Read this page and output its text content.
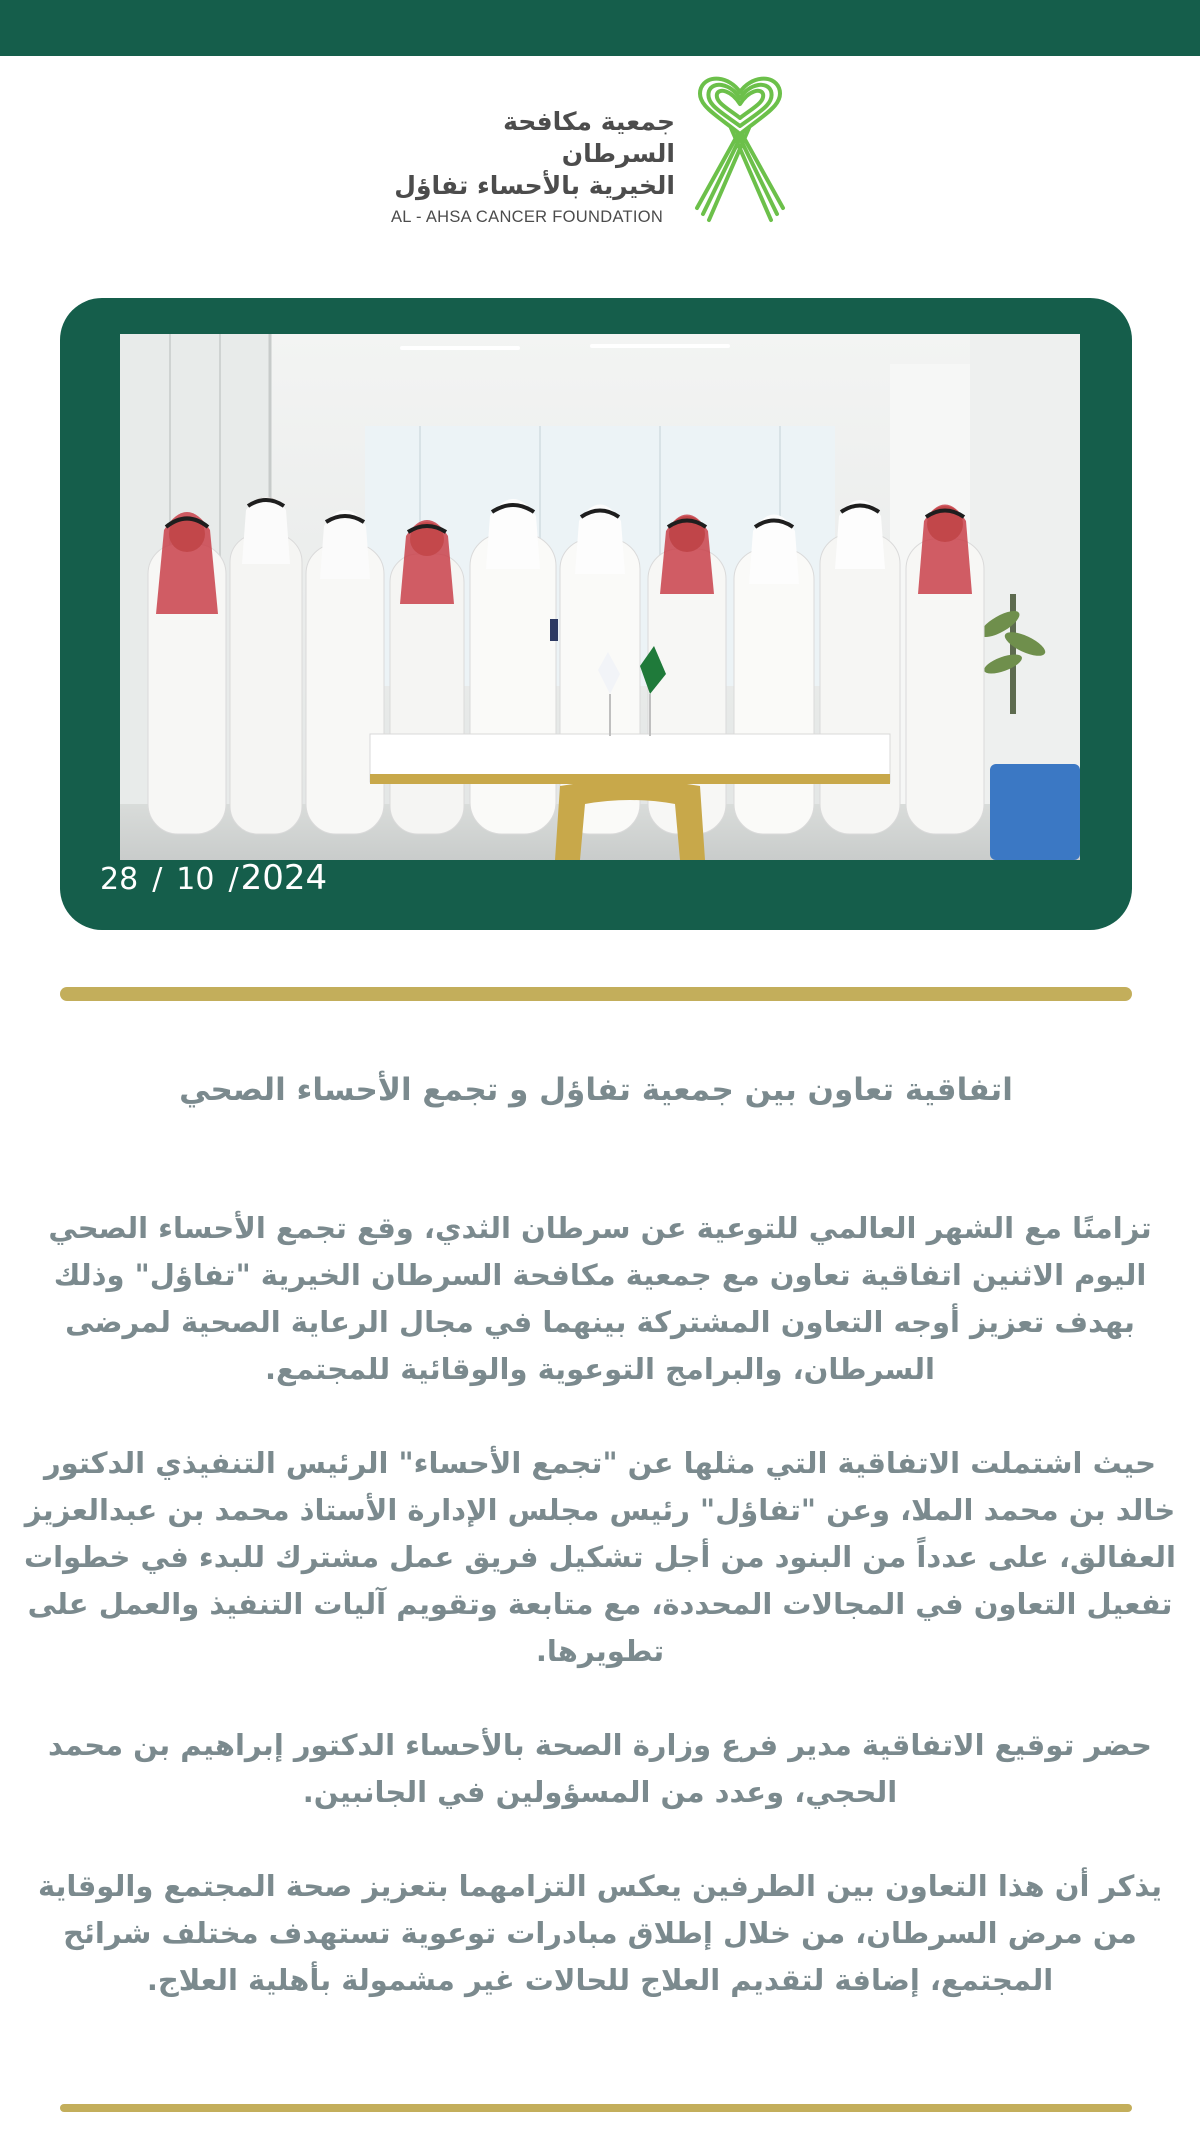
جمعية مكافحة السرطان
الخيرية بالأحساء تفاؤل
AL - AHSA CANCER FOUNDATION
28 / 10 /2024
اتفاقية تعاون بين جمعية تفاؤل و تجمع الأحساء الصحي

تزامنًا مع الشهر العالمي للتوعية عن سرطان الثدي، وقع تجمع الأحساء الصحي اليوم الاثنين اتفاقية تعاون مع جمعية مكافحة السرطان الخيرية "تفاؤل" وذلك بهدف تعزيز أوجه التعاون المشتركة بينهما في مجال الرعاية الصحية لمرضى السرطان، والبرامج التوعوية والوقائية للمجتمع.

حيث اشتملت الاتفاقية التي مثلها عن "تجمع الأحساء" الرئيس التنفيذي الدكتور خالد بن محمد الملا، وعن "تفاؤل" رئيس مجلس الإدارة الأستاذ محمد بن عبدالعزيز العفالق، على عدداً من البنود من أجل تشكيل فريق عمل مشترك للبدء في خطوات تفعيل التعاون في المجالات المحددة، مع متابعة وتقويم آليات التنفيذ والعمل على تطويرها.

حضر توقيع الاتفاقية مدير فرع وزارة الصحة بالأحساء الدكتور إبراهيم بن محمد الحجي، وعدد من المسؤولين في الجانبين.

يذكر أن هذا التعاون بين الطرفين يعكس التزامهما بتعزيز صحة المجتمع والوقاية من مرض السرطان، من خلال إطلاق مبادرات توعوية تستهدف مختلف شرائح المجتمع، إضافة لتقديم العلاج للحالات غير مشمولة بأهلية العلاج.
